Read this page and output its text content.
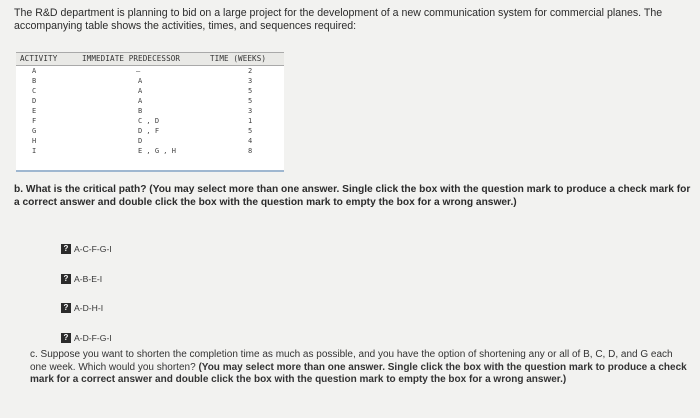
The R&D department is planning to bid on a large project for the development of a new communication system for commercial planes. The accompanying table shows the activities, times, and sequences required:
ACTIVITY	IMMEDIATE PREDECESSOR	TIME (WEEKS)
A	—	2
B	A	3
C	A	5
D	A	5
E	B	3
F	C , D	1
G	D , F	5
H	D	4
I	E , G , H	8
b. What is the critical path? (You may select more than one answer. Single click the box with the question mark to produce a check mark for a correct answer and double click the box with the question mark to empty the box for a wrong answer.)
? A-C-F-G-I
? A-B-E-I
? A-D-H-I
? A-D-F-G-I
c. Suppose you want to shorten the completion time as much as possible, and you have the option of shortening any or all of B, C, D, and G each one week. Which would you shorten? (You may select more than one answer. Single click the box with the question mark to produce a check mark for a correct answer and double click the box with the question mark to empty the box for a wrong answer.)
